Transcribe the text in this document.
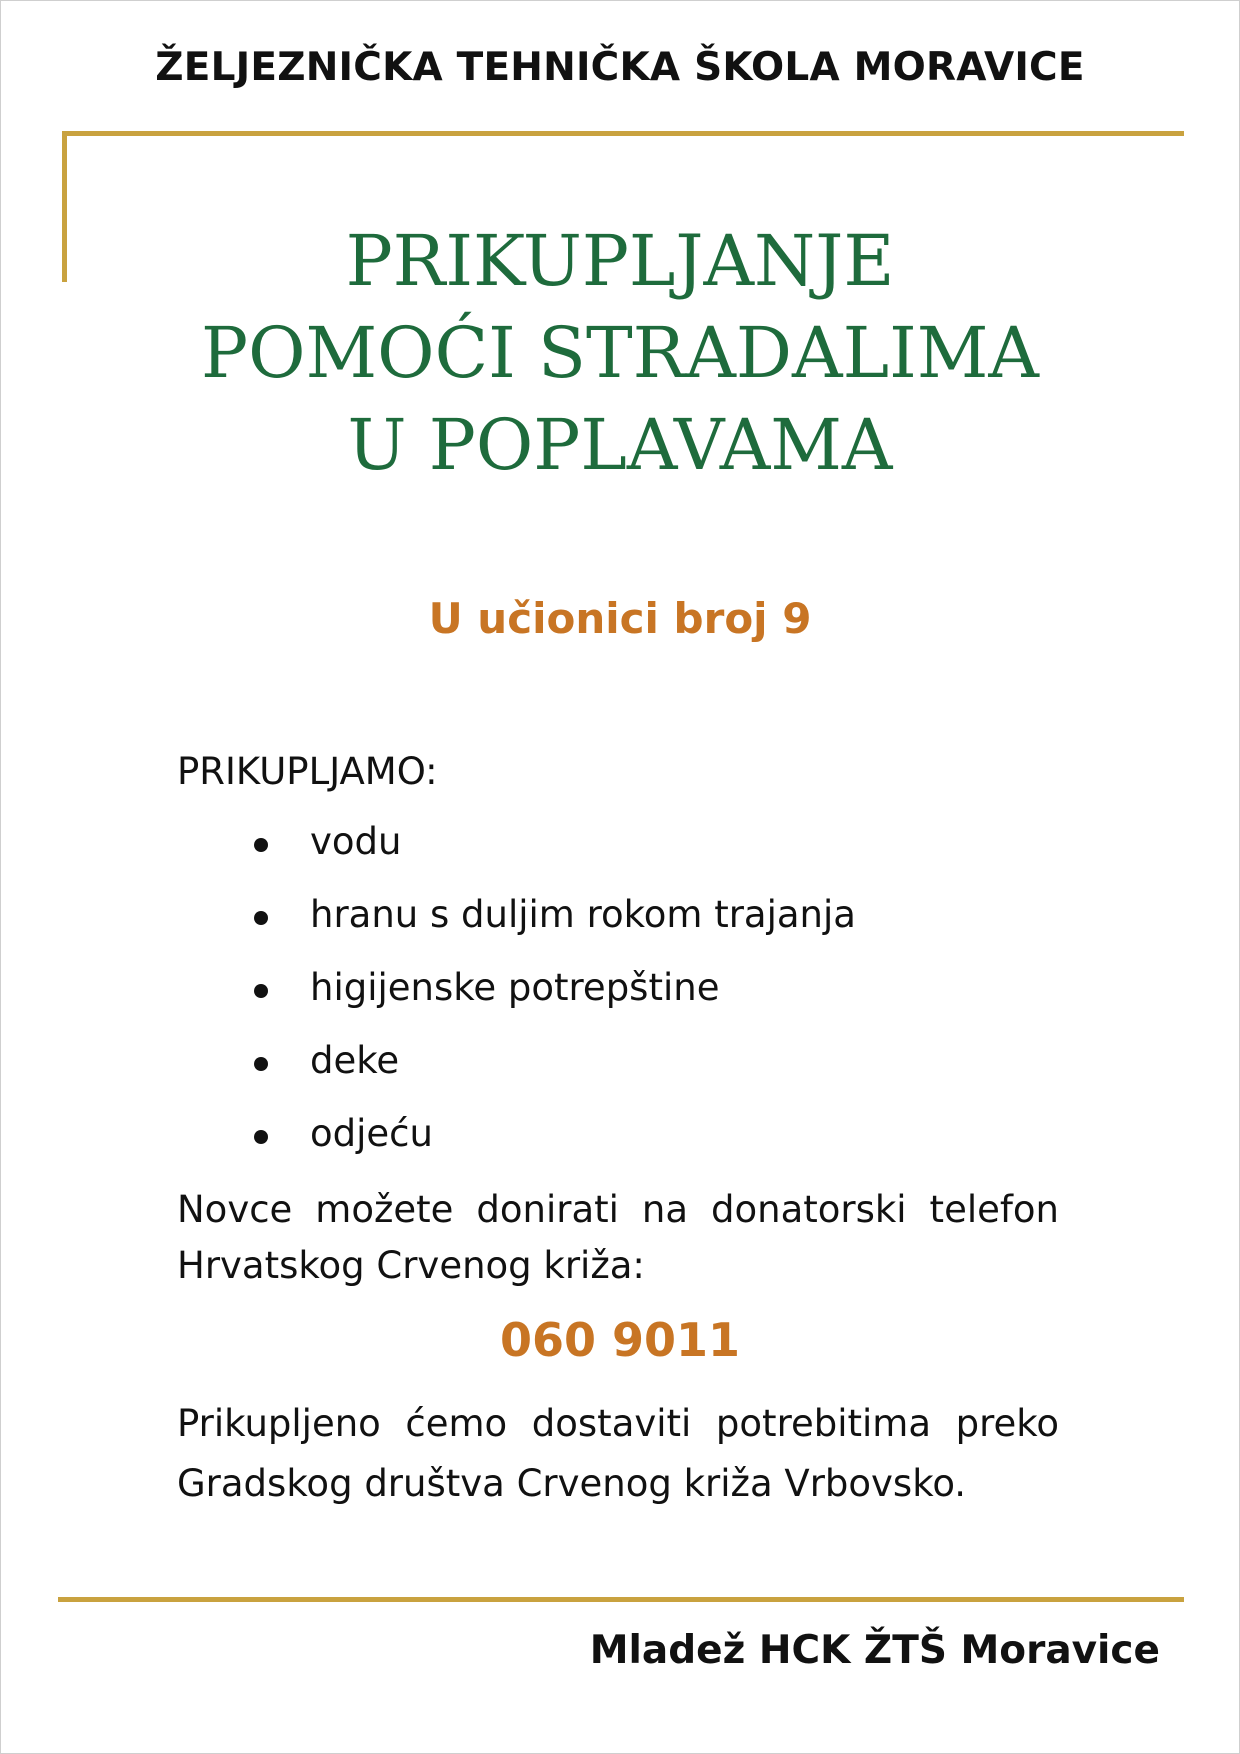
ŽELJEZNIČKA TEHNIČKA ŠKOLA MORAVICE
PRIKUPLJANJE
POMOĆI STRADALIMA
U POPLAVAMA
U učionici broj 9
PRIKUPLJAMO:
vodu
hranu s duljim rokom trajanja
higijenske potrepštine
deke
odjeću
Novce možete donirati na donatorski telefon Hrvatskog Crvenog križa:
060 9011
Prikupljeno ćemo dostaviti potrebitima preko Gradskog društva Crvenog križa Vrbovsko.
Mladež HCK ŽTŠ Moravice
